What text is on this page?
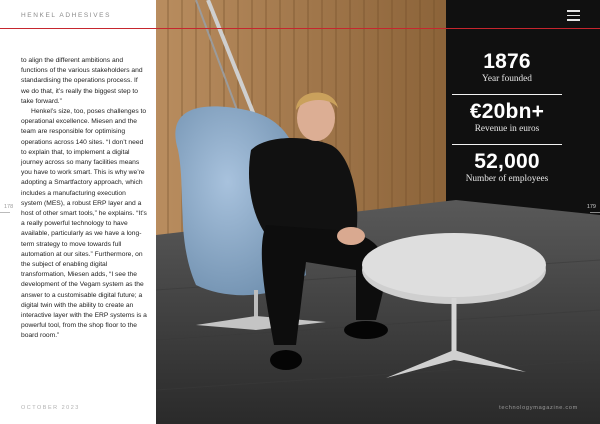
HENKEL ADHESIVES

to align the different ambitions and functions of the various stakeholders and standardising the operations process. If we do that, it’s really the biggest step to take forward.”

Henkel’s size, too, poses challenges to operational excellence. Miesen and the team are responsible for optimising operations across 140 sites. “I don’t need to explain that, to implement a digital journey across so many facilities means you have to work smart. This is why we’re adopting a Smartfactory approach, which includes a manufacturing execution system (MES), a robust ERP layer and a host of other smart tools,” he explains. “It’s a really powerful technology to have available, particularly as we have a long-term strategy to move towards full automation at our sites.” Furthermore, on the subject of enabling digital transformation, Miesen adds, “I see the development of the Vegam system as the answer to a customisable digital future; a digital twin with the ability to create an interactive layer with the ERP systems is a powerful tool, from the shop floor to the board room.”

OCTOBER 2023
1876
Year founded
€20bn+
Revenue in euros
52,000
Number of employees
178	179
technologymagazine.com
